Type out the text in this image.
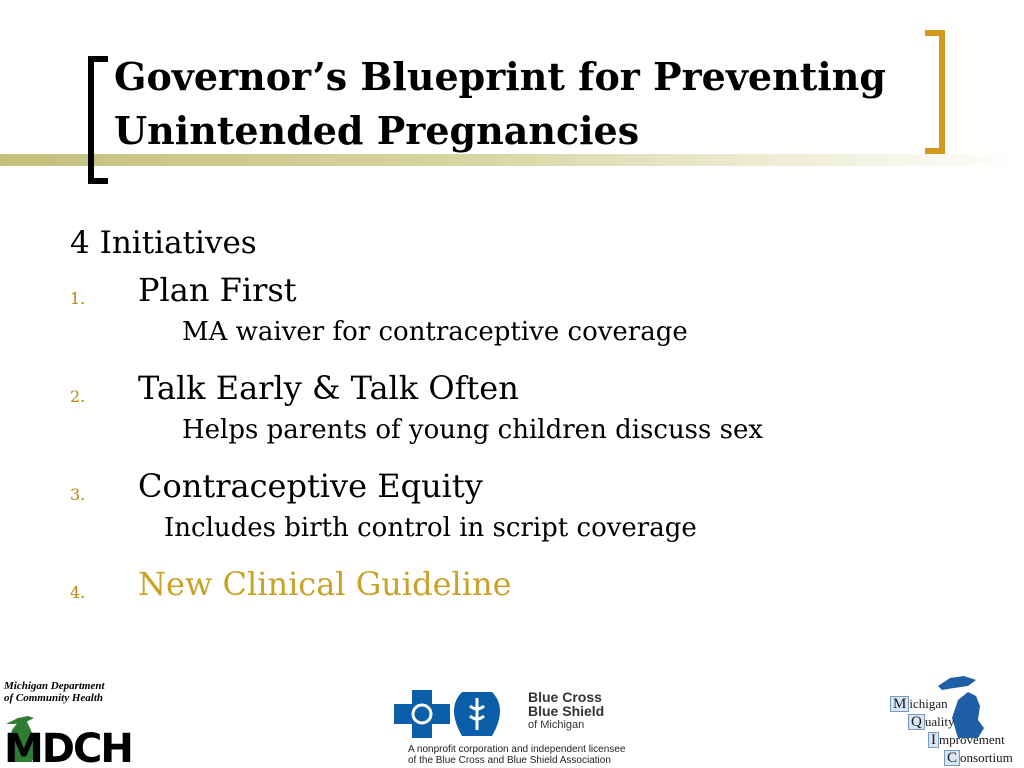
Governor’s Blueprint for Preventing
Unintended Pregnancies
4 Initiatives
1. Plan First
MA waiver for contraceptive coverage
2. Talk Early & Talk Often
Helps parents of young children discuss sex
3. Contraceptive Equity
Includes birth control in script coverage
4. New Clinical Guideline
Michigan Department
of Community Health
MDCH
Blue Cross
Blue Shield
of Michigan
A nonprofit corporation and independent licensee
of the Blue Cross and Blue Shield Association
M ichigan
Q uality
I mprovement
C onsortium
